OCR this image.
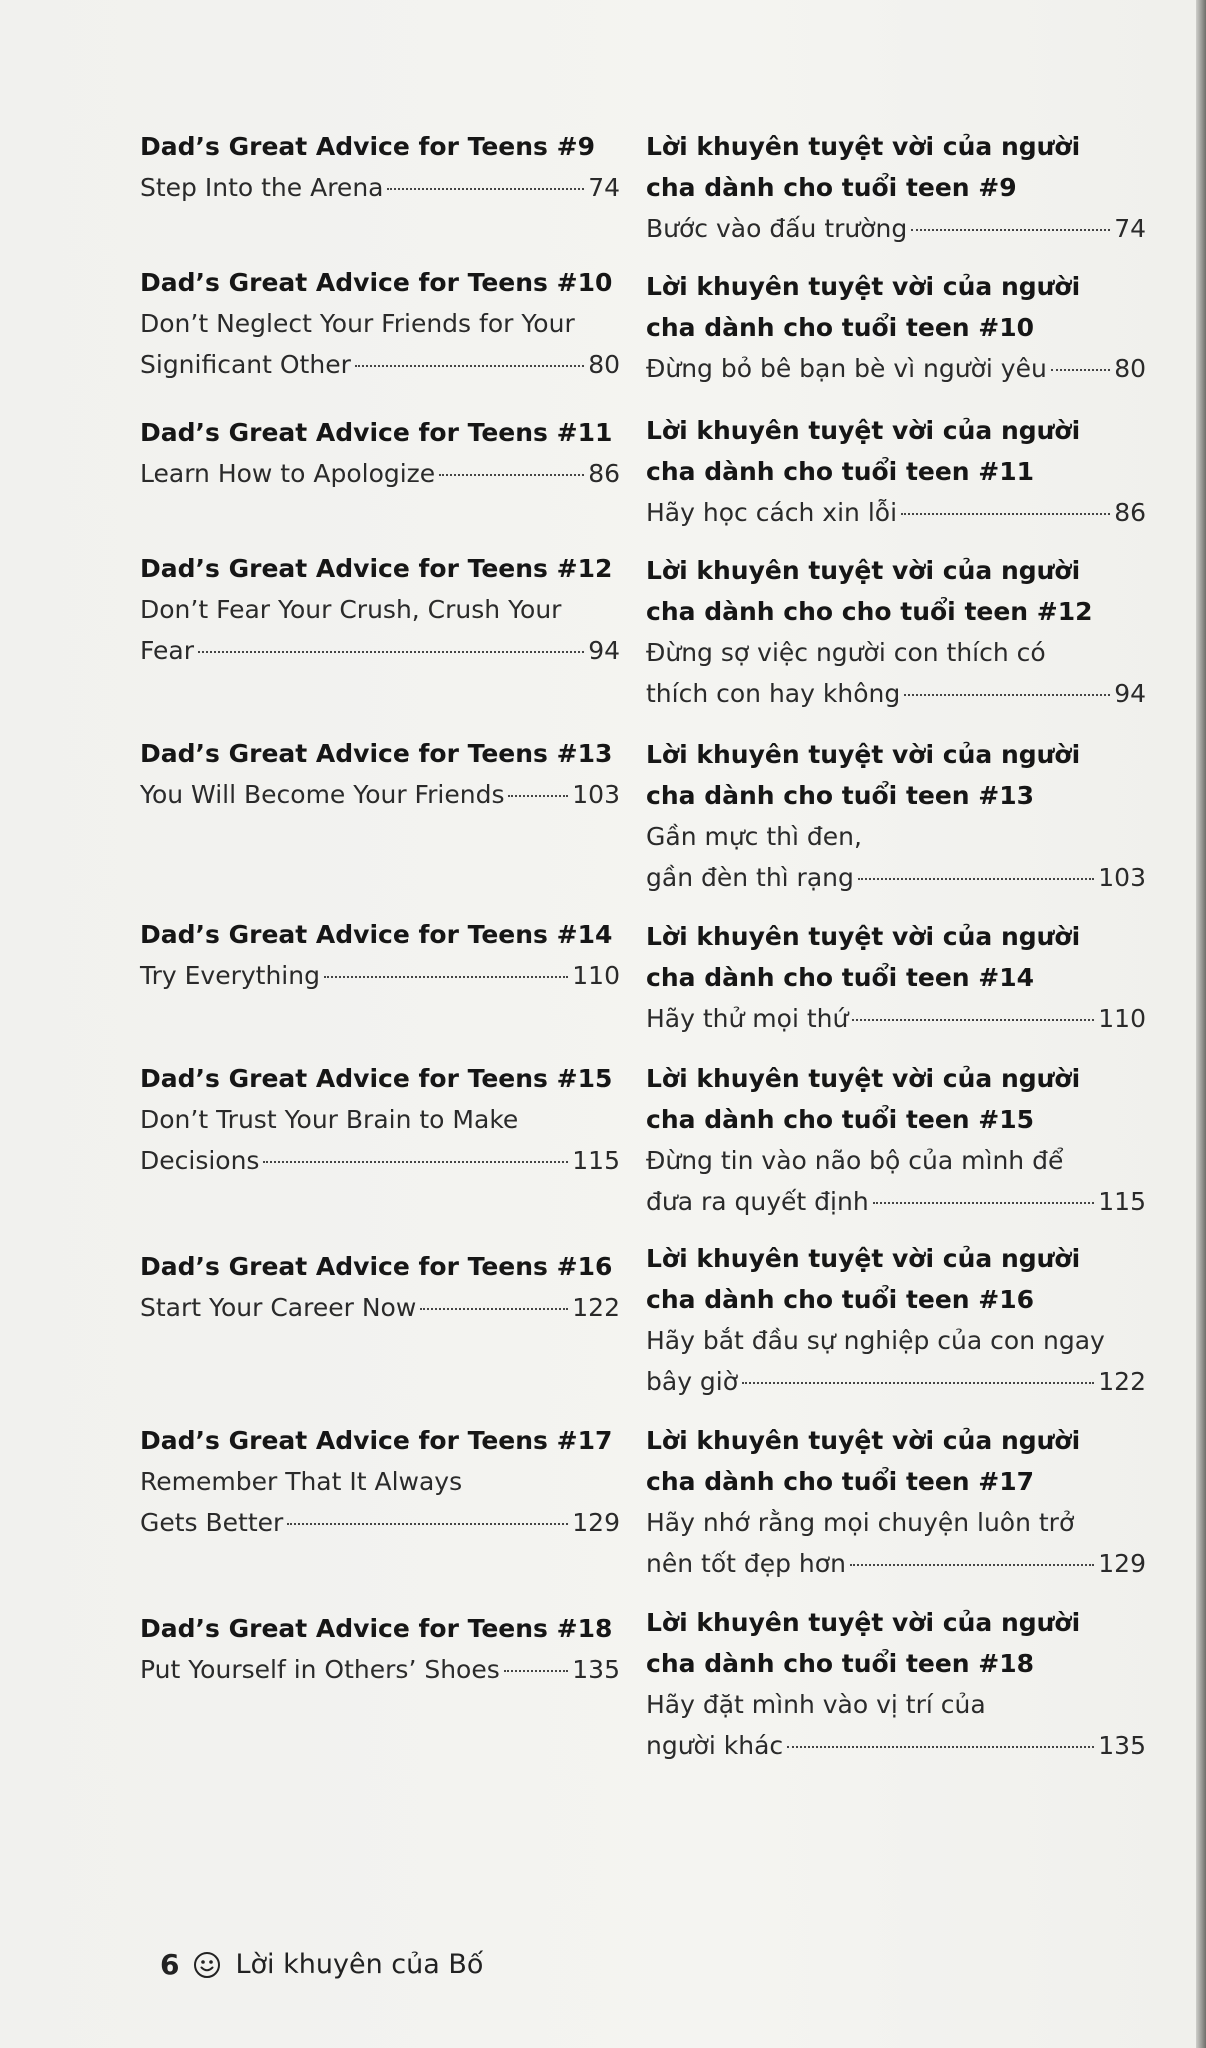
Dad’s Great Advice for Teens #9
Step Into the Arena	74
Dad’s Great Advice for Teens #10
Don’t Neglect Your Friends for Your
Significant Other	80
Dad’s Great Advice for Teens #11
Learn How to Apologize	86
Dad’s Great Advice for Teens #12
Don’t Fear Your Crush, Crush Your
Fear	94
Dad’s Great Advice for Teens #13
You Will Become Your Friends	103
Dad’s Great Advice for Teens #14
Try Everything	110
Dad’s Great Advice for Teens #15
Don’t Trust Your Brain to Make
Decisions	115
Dad’s Great Advice for Teens #16
Start Your Career Now	122
Dad’s Great Advice for Teens #17
Remember That It Always
Gets Better	129
Dad’s Great Advice for Teens #18
Put Yourself in Others’ Shoes	135
Lời khuyên tuyệt vời của người
cha dành cho tuổi teen #9
Bước vào đấu trường	74
Lời khuyên tuyệt vời của người
cha dành cho tuổi teen #10
Đừng bỏ bê bạn bè vì người yêu	80
Lời khuyên tuyệt vời của người
cha dành cho tuổi teen #11
Hãy học cách xin lỗi	86
Lời khuyên tuyệt vời của người
cha dành cho cho tuổi teen #12
Đừng sợ việc người con thích có
thích con hay không	94
Lời khuyên tuyệt vời của người
cha dành cho tuổi teen #13
Gần mực thì đen,
gần đèn thì rạng	103
Lời khuyên tuyệt vời của người
cha dành cho tuổi teen #14
Hãy thử mọi thứ	110
Lời khuyên tuyệt vời của người
cha dành cho tuổi teen #15
Đừng tin vào não bộ của mình để
đưa ra quyết định	115
Lời khuyên tuyệt vời của người
cha dành cho tuổi teen #16
Hãy bắt đầu sự nghiệp của con ngay
bây giờ	122
Lời khuyên tuyệt vời của người
cha dành cho tuổi teen #17
Hãy nhớ rằng mọi chuyện luôn trở
nên tốt đẹp hơn	129
Lời khuyên tuyệt vời của người
cha dành cho tuổi teen #18
Hãy đặt mình vào vị trí của
người khác	135
6 Lời khuyên của Bố
